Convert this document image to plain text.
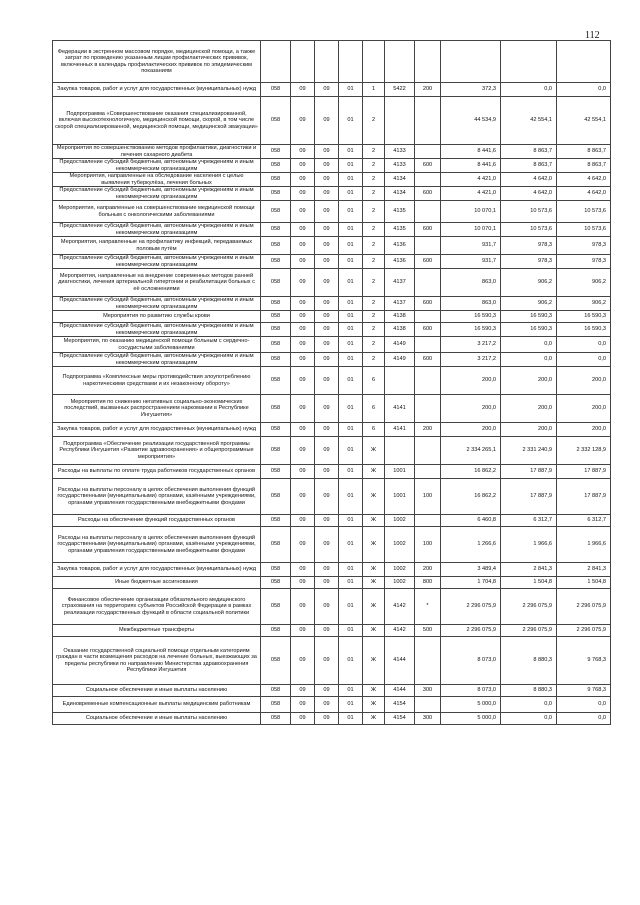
112
Федерации в экстренном массовом порядке, медицинской помощи, а также затрат по проведению указанным лицам профилактических прививок, включенных в календарь профилактических прививок по эпидемическим показаниям										
Закупка товаров, работ и услуг для государственных (муниципальных) нужд	058	09	09	01	1	5422	200	372,3	0,0	0,0
Подпрограмма «Совершенствование оказания специализированной, включая высокотехнологичную, медицинской помощи, скорой, в том числе скорой специализированной, медицинской помощи, медицинской эвакуации»	058	09	09	01	2			44 534,9	42 554,1	42 554,1
Мероприятия по совершенствованию методов профилактики, диагностики и лечения сахарного диабета	058	09	09	01	2	4133		8 441,6	8 863,7	8 863,7
Предоставление субсидий бюджетным, автономным учреждениям и иным некоммерческим организациям	058	09	09	01	2	4133	600	8 441,6	8 863,7	8 863,7
Мероприятия, направленные на обследование населения с целью выявления туберкулёза, лечения больных	058	09	09	01	2	4134		4 421,0	4 642,0	4 642,0
Предоставление субсидий бюджетным, автономным учреждениям и иным некоммерческим организациям	058	09	09	01	2	4134	600	4 421,0	4 642,0	4 642,0
Мероприятия, направленные на совершенствование медицинской помощи больным с онкологическими заболеваниями	058	09	09	01	2	4135		10 070,1	10 573,6	10 573,6
Предоставление субсидий бюджетным, автономным учреждениям и иным некоммерческим организациям	058	09	09	01	2	4135	600	10 070,1	10 573,6	10 573,6
Мероприятия, направленные на профилактику инфекций, передаваемых половым путём	058	09	09	01	2	4136		931,7	978,3	978,3
Предоставление субсидий бюджетным, автономным учреждениям и иным некоммерческим организациям	058	09	09	01	2	4136	600	931,7	978,3	978,3
Мероприятия, направленные на внедрение современных методов ранней диагностики, лечения артериальной гипертонии и реабилитации больных с её осложнениями	058	09	09	01	2	4137		863,0	906,2	906,2
Предоставление субсидий бюджетным, автономным учреждениям и иным некоммерческим организациям	058	09	09	01	2	4137	600	863,0	906,2	906,2
Мероприятия по развитию службы крови	058	09	09	01	2	4138		16 590,3	16 590,3	16 590,3
Предоставление субсидий бюджетным, автономным учреждениям и иным некоммерческим организациям	058	09	09	01	2	4138	600	16 590,3	16 590,3	16 590,3
Мероприятия, по оказанию медицинской помощи больным с сердечно-сосудистыми заболеваниями	058	09	09	01	2	4149		3 217,2	0,0	0,0
Предоставление субсидий бюджетным, автономным учреждениям и иным некоммерческим организациям	058	09	09	01	2	4149	600	3 217,2	0,0	0,0
Подпрограмма «Комплексные меры противодействия злоупотреблению наркотическими средствами и их незаконному обороту»	058	09	09	01	6			200,0	200,0	200,0
Мероприятия по снижению негативных социально-экономических последствий, вызванных распространением наркомании в Республике Ингушетия»	058	09	09	01	6	4141		200,0	200,0	200,0
Закупка товаров, работ и услуг для государственных (муниципальных) нужд	058	09	09	01	6	4141	200	200,0	200,0	200,0
Подпрограмма «Обеспечение реализации государственной программы Республики Ингушетия «Развитие здравоохранения» и общепрограммные мероприятия»	058	09	09	01	Ж			2 334 265,1	2 331 240,9	2 332 128,9
Расходы на выплаты по оплате труда работников государственных органов	058	09	09	01	Ж	1001		16 862,2	17 887,9	17 887,9
Расходы на выплаты персоналу в целях обеспечения выполнения функций государственными (муниципальными) органами, казёнными учреждениями, органами управления государственными внебюджетными фондами	058	09	09	01	Ж	1001	100	16 862,2	17 887,9	17 887,9
Расходы на обеспечение функций государственных органов	058	09	09	01	Ж	1002		6 460,8	6 312,7	6 312,7
Расходы на выплаты персоналу в целях обеспечения выполнения функций государственными (муниципальными) органами, казёнными учреждениями, органами управления государственными внебюджетными фондами	058	09	09	01	Ж	1002	100	1 266,6	1 966,6	1 966,6
Закупка товаров, работ и услуг для государственных (муниципальных) нужд	058	09	09	01	Ж	1002	200	3 489,4	2 841,3	2 841,3
Иные бюджетные ассигнования	058	09	09	01	Ж	1002	800	1 704,8	1 504,8	1 504,8
Финансовое обеспечение организации обязательного медицинского страхования на территориях субъектов Российской Федерации в рамках реализации государственных функций в области социальной политики	058	09	09	01	Ж	4142	*	2 296 075,9	2 296 075,9	2 296 075,9
Межбюджетные трансферты	058	09	09	01	Ж	4142	500	2 296 075,9	2 296 075,9	2 296 075,9
Оказание государственной социальной помощи отдельным категориям граждан в части возмещения расходов на лечение больных, выезжающих за пределы республики по направлению Министерства здравоохранения Республики Ингушетия	058	09	09	01	Ж	4144		8 073,0	8 880,3	9 768,3
Социальное обеспечение и иные выплаты населению	058	09	09	01	Ж	4144	300	8 073,0	8 880,3	9 768,3
Единовременные компенсационные выплаты медицинским работникам	058	09	09	01	Ж	4154		5 000,0	0,0	0,0
Социальное обеспечение и иные выплаты населению	058	09	09	01	Ж	4154	300	5 000,0	0,0	0,0
